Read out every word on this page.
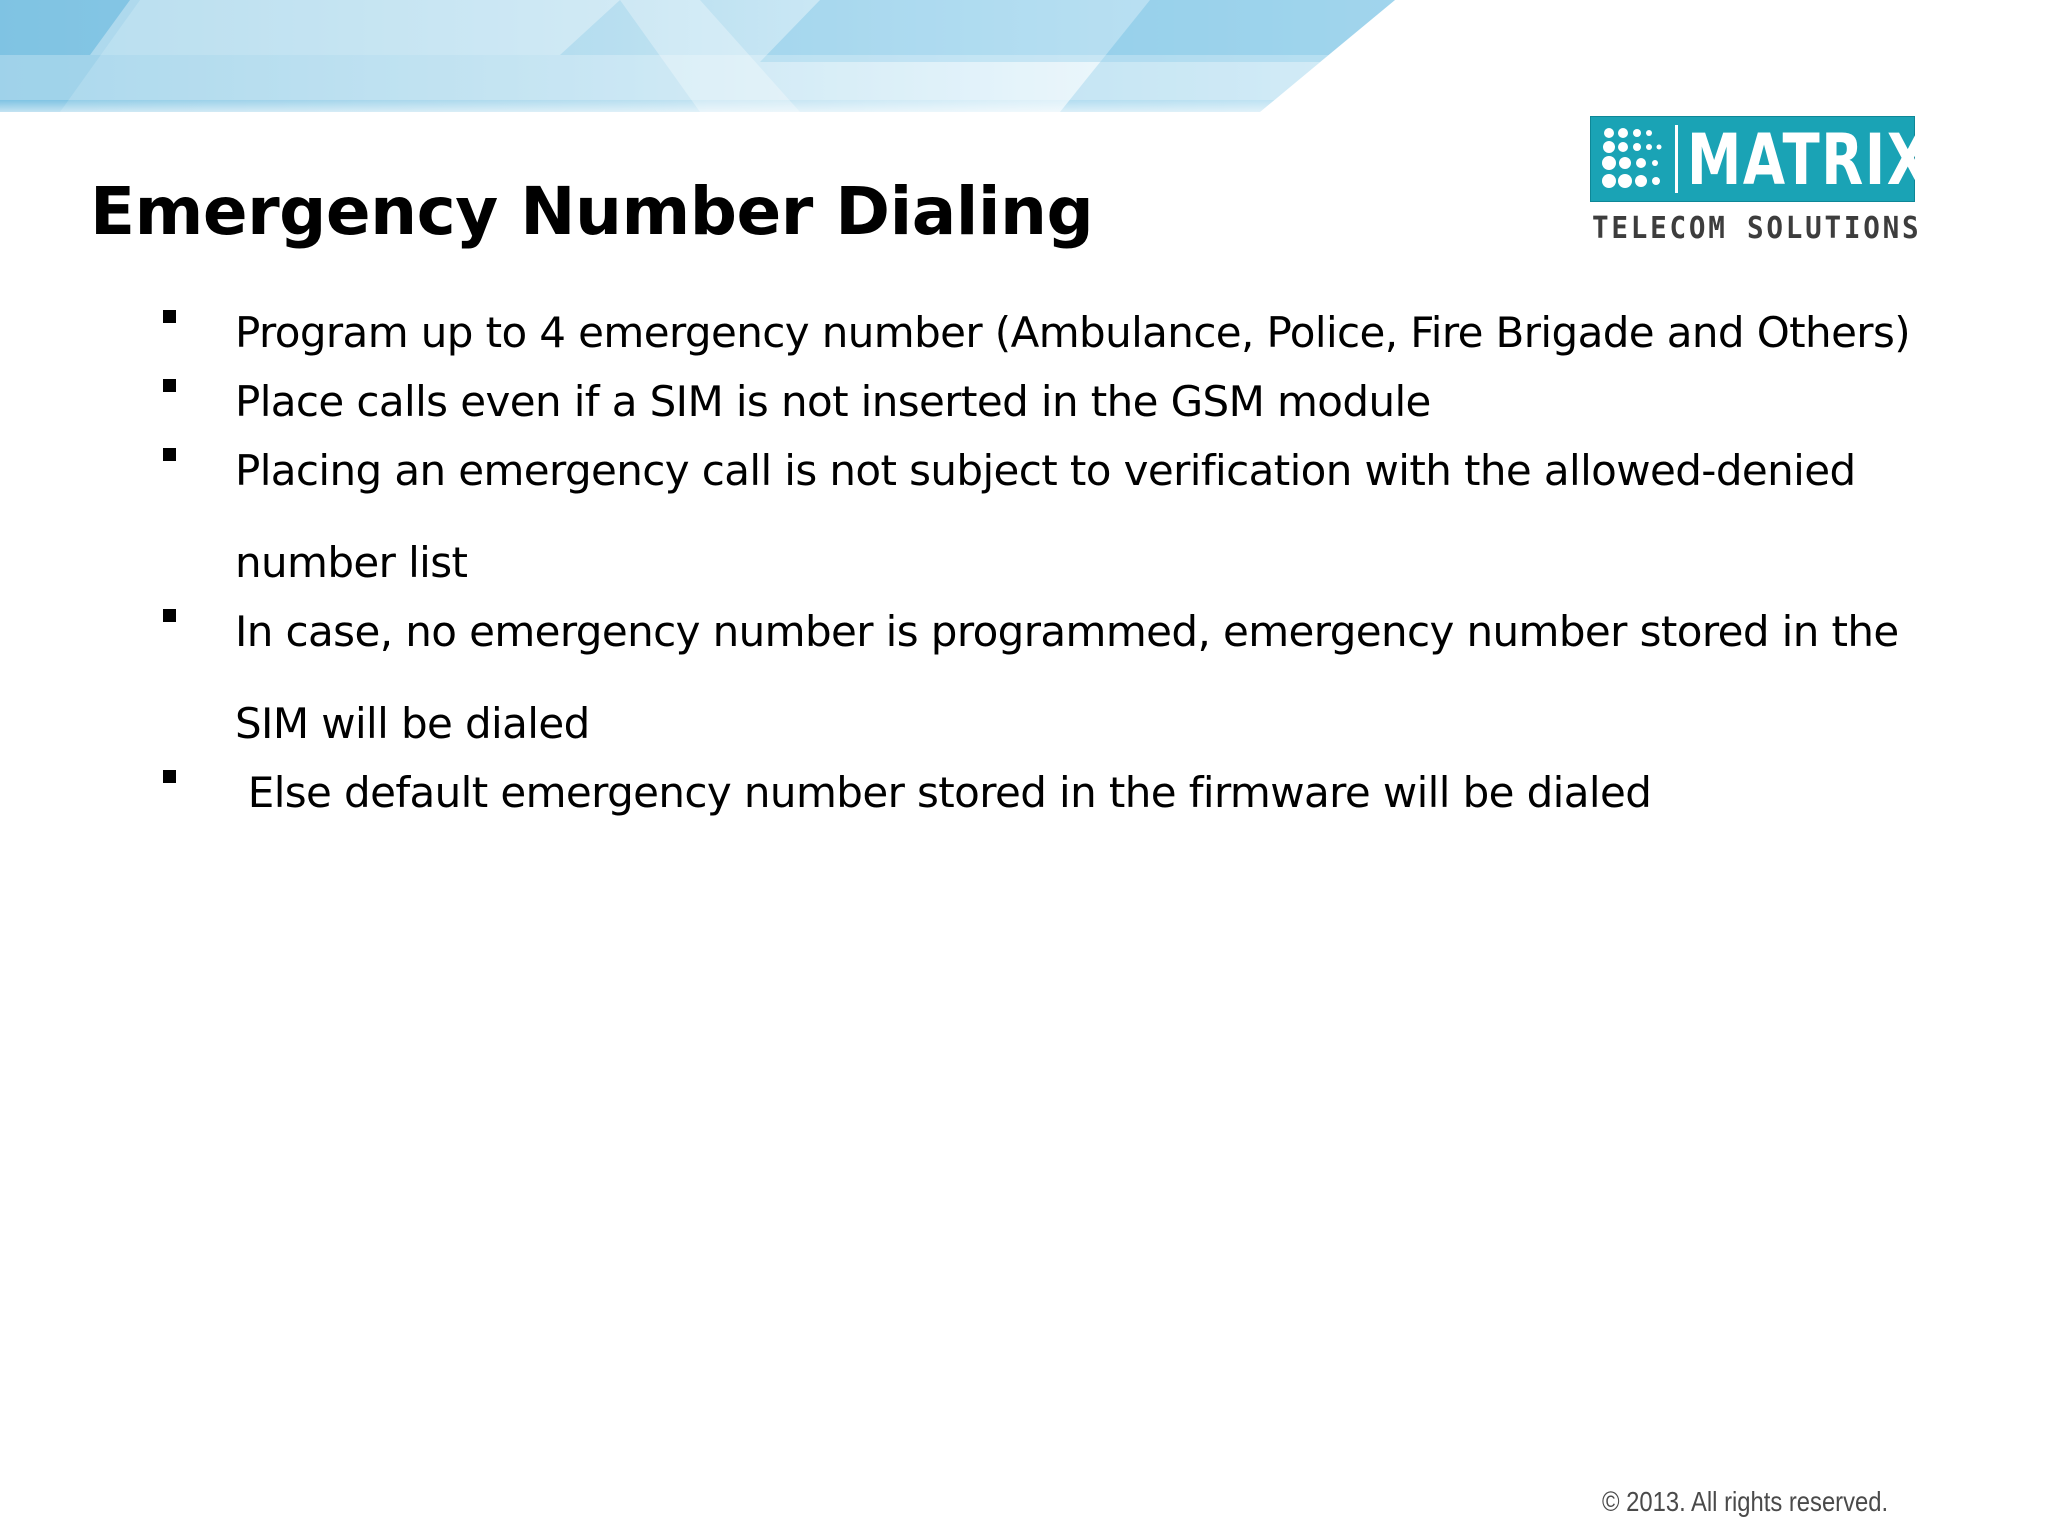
Emergency Number Dialing
MATRIX
TELECOM SOLUTIONS
Program up to 4 emergency number (Ambulance, Police, Fire Brigade and Others)
Place calls even if a SIM is not inserted in the GSM module
Placing an emergency call is not subject to verification with the allowed-denied number list
In case, no emergency number is programmed, emergency number stored in the SIM will be dialed
Else default emergency number stored in the firmware will be dialed
© 2013. All rights reserved.
